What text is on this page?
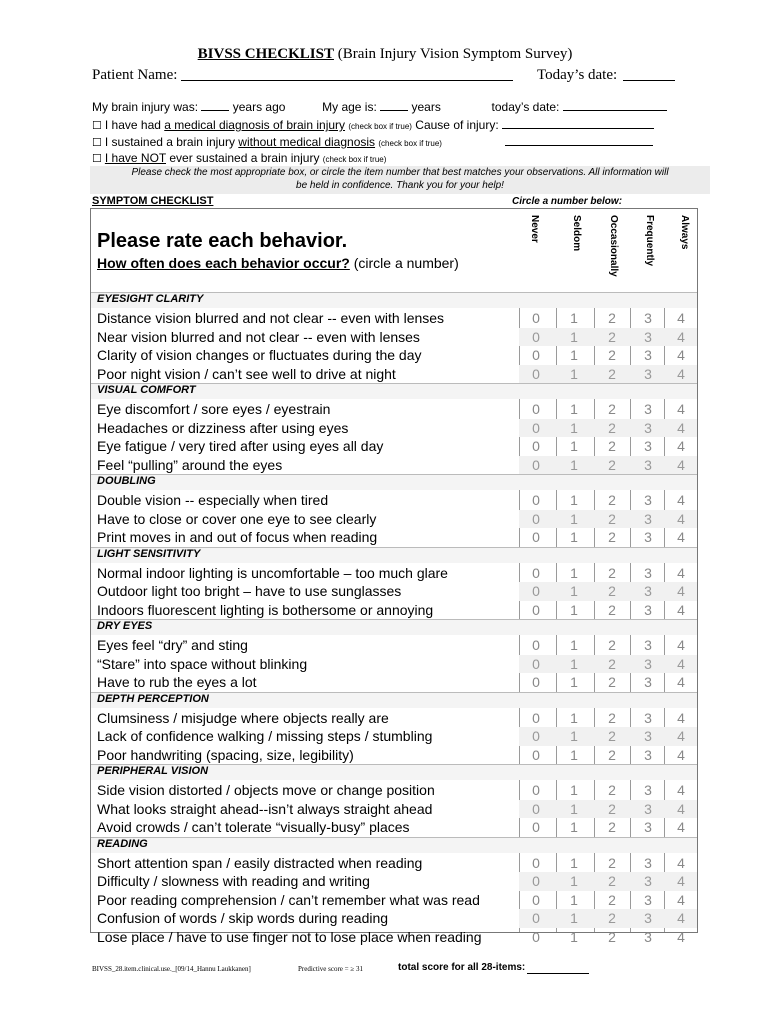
BIVSS CHECKLIST (Brain Injury Vision Symptom Survey)
Patient Name:	Today’s date:
My brain injury was:	years ago	My age is:	years	today’s date:
☐ I have had a medical diagnosis of brain injury (check box if true) Cause of injury:
☐ I sustained a brain injury without medical diagnosis (check box if true)
☐ I have NOT ever sustained a brain injury (check box if true)
Please check the most appropriate box, or circle the item number that best matches your observations. All information will
be held in confidence. Thank you for your help!
SYMPTOM CHECKLIST	Circle a number below:
Please rate each behavior.
How often does each behavior occur? (circle a number)
Never	Seldom	Occasionally	Frequently Always
EYESIGHT CLARITY
Distance vision blurred and not clear -- even with lenses	0 1 2 3 4
Near vision blurred and not clear -- even with lenses	0 1 2 3 4
Clarity of vision changes or fluctuates during the day	0 1 2 3 4
Poor night vision / can’t see well to drive at night	0 1 2 3 4
VISUAL COMFORT
Eye discomfort / sore eyes / eyestrain	0 1 2 3 4
Headaches or dizziness after using eyes	0 1 2 3 4
Eye fatigue / very tired after using eyes all day	0 1 2 3 4
Feel “pulling” around the eyes	0 1 2 3 4
DOUBLING
Double vision -- especially when tired	0 1 2 3 4
Have to close or cover one eye to see clearly	0 1 2 3 4
Print moves in and out of focus when reading	0 1 2 3 4
LIGHT SENSITIVITY
Normal indoor lighting is uncomfortable – too much glare	0 1 2 3 4
Outdoor light too bright – have to use sunglasses	0 1 2 3 4
Indoors fluorescent lighting is bothersome or annoying	0 1 2 3 4
DRY EYES
Eyes feel “dry” and sting	0 1 2 3 4
“Stare” into space without blinking	0 1 2 3 4
Have to rub the eyes a lot	0 1 2 3 4
DEPTH PERCEPTION
Clumsiness / misjudge where objects really are	0 1 2 3 4
Lack of confidence walking / missing steps / stumbling	0 1 2 3 4
Poor handwriting (spacing, size, legibility)	0 1 2 3 4
PERIPHERAL VISION
Side vision distorted / objects move or change position	0 1 2 3 4
What looks straight ahead--isn’t always straight ahead	0 1 2 3 4
Avoid crowds / can’t tolerate “visually-busy” places	0 1 2 3 4
READING
Short attention span / easily distracted when reading	0 1 2 3 4
Difficulty / slowness with reading and writing	0 1 2 3 4
Poor reading comprehension / can’t remember what was read	0 1 2 3 4
Confusion of words / skip words during reading	0 1 2 3 4
Lose place / have to use finger not to lose place when reading	0 1 2 3 4
BIVSS_28.item.clinical.use._[09/14_Hannu Laukkanen]	Predictive score = ≥ 31	total score for all 28-items:
